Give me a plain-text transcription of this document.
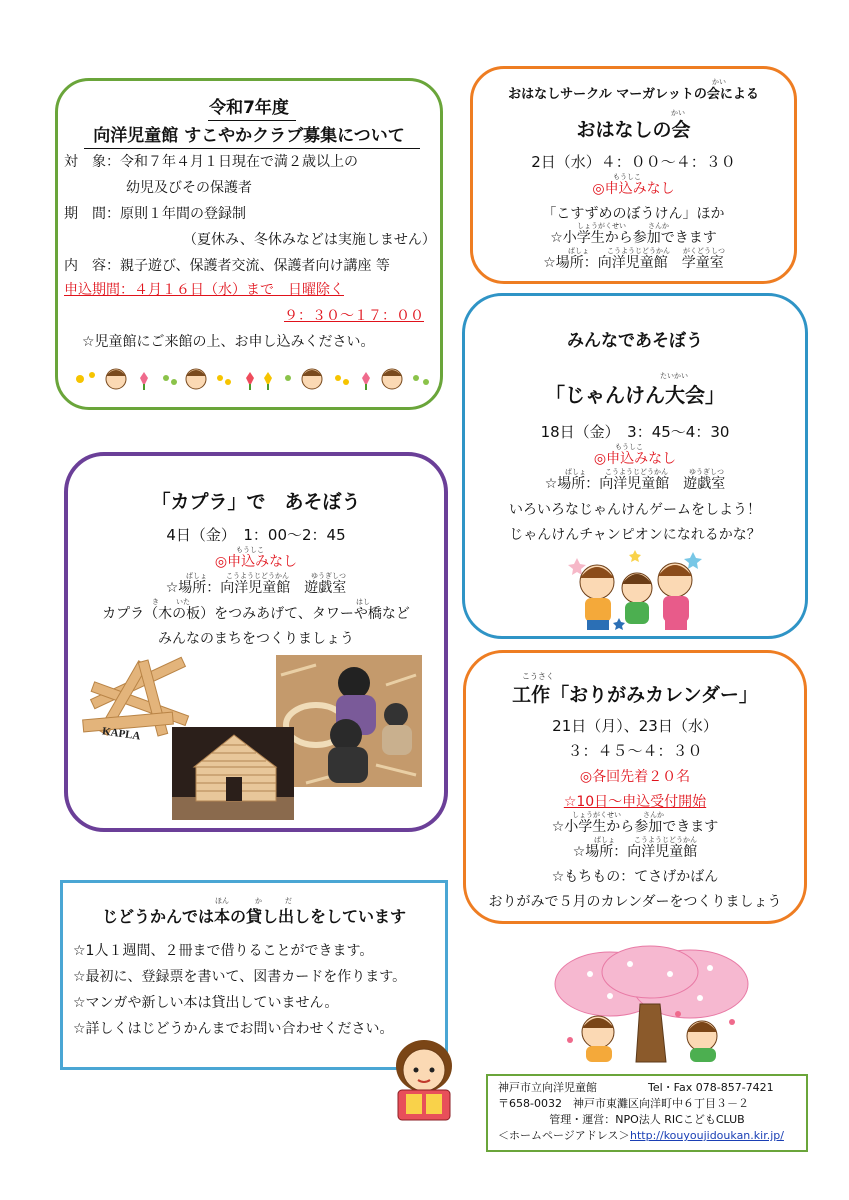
令和7年度
向洋児童館 すこやかクラブ募集について
対　象：令和７年４月１日現在で満２歳以上の
幼児及びその保護者
期　間：原則１年間の登録制
（夏休み、冬休みなどは実施しません）
内　容：親子遊び、保護者交流、保護者向け講座 等
申込期間：４月１６日（水）まで　日曜除く
９：３０～１７：００
☆児童館にご来館の上、お申し込みください。
かい
おはなしサークル マーガレットの会による
かい
おはなしの会
2日（水）４：００～４：３０
もうしこ
◎申込みなし
「こすずめのぼうけん」ほか
しょうがくせい	さんか
☆小学生から参加できます
ばしょ	こうようじどうかん がくどうしつ
☆場所：向洋児童館　学童室
みんなであそぼう
たいかい
「じゃんけん大会」
18日（金）　3：45～4：30
もうしこ
◎申込みなし
ばしょ	こうようじどうかん	ゆうぎしつ
☆場所：向洋児童館　遊戯室
いろいろなじゃんけんゲームをしよう！
じゃんけんチャンピオンになれるかな？
「カプラ」で　あそぼう
4日（金）　1：00～2：45
もうしこ
◎申込みなし
ばしょ	こうようじどうかん	ゆうぎしつ
☆場所：向洋児童館　遊戯室
き いた	はし
カプラ（木の板）をつみあげて、タワーや橋など
みんなのまちをつくりましょう
KAPLA
こうさく
工作「おりがみカレンダー」
21日（月）、23日（水）
３：４５～４：３０
◎各回先着２０名
☆10日～申込受付開始
しょうがくせい	さんか
☆小学生から参加できます
ばしょ	こうようじどうかん
☆場所：向洋児童館
☆もちもの：てさげかばん
おりがみで５月のカレンダーをつくりましょう
ほん	か	だ
じどうかんでは本の貸し出しをしています
☆1人１週間、２冊まで借りることができます。
☆最初に、登録票を書いて、図書カードを作ります。
☆マンガや新しい本は貸出していません。
☆詳しくはじどうかんまでお問い合わせください。
神戸市立向洋児童館	Tel・Fax 078-857-7421
〒658-0032　神戸市東灘区向洋町中６丁目３－２
管理・運営：NPO法人 RICこどもCLUB
＜ホームページアドレス＞ http://kouyoujidoukan.kir.jp/
